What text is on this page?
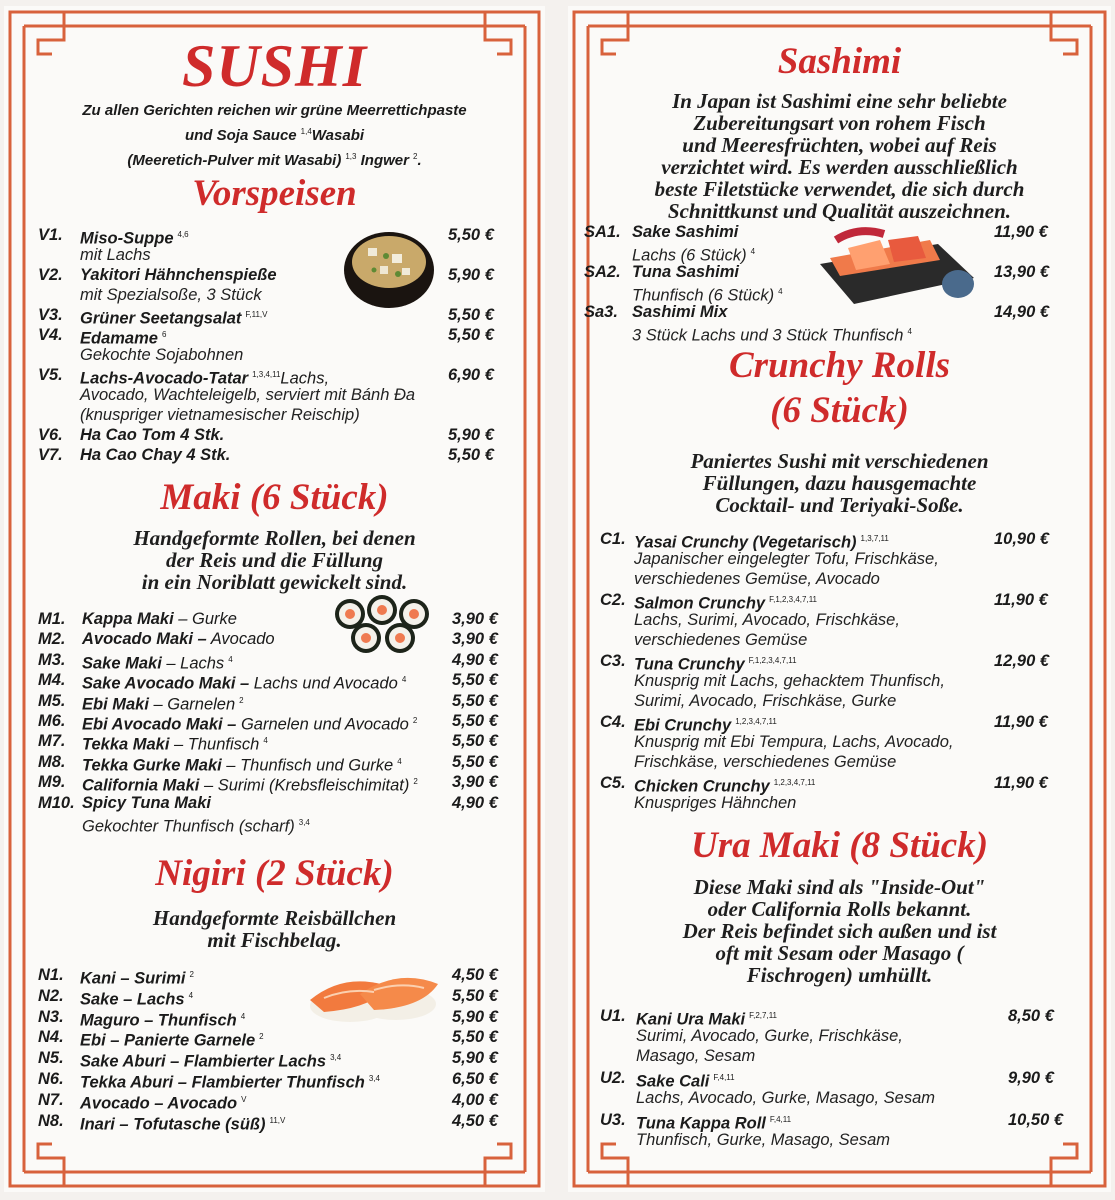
SUSHI
Zu allen Gerichten reichen wir grüne Meerrettichpaste
und Soja Sauce $^{1,4}$Wasabi
(Meeretich-Pulver mit Wasabi) $^{1,3}$ Ingwer $^2$.
Vorspeisen
V1. Miso-Suppe $^{4,6}$	5,50 €
mit Lachs
V2. Yakitori Hähnchenspieße	5,90 €
mit Spezialsoße, 3 Stück
V3. Grüner Seetangsalat $^{F,11,V}$	5,50 €
V4. Edamame $^6$	5,50 €
Gekochte Sojabohnen
V5. Lachs-Avocado-Tatar $^{1,3,4,11}$Lachs,	6,90 €
Avocado, Wachteleigelb, serviert mit Bánh Đa
(knuspriger vietnamesischer Reischip)
V6. Ha Cao Tom 4 Stk.	5,90 €
V7. Ha Cao Chay 4 Stk.	5,50 €
Maki (6 Stück)
Handgeformte Rollen, bei denen
der Reis und die Füllung
in ein Noriblatt gewickelt sind.
M1. Kappa Maki – Gurke	3,90 €
M2. Avocado Maki – Avocado	3,90 €
M3. Sake Maki – Lachs $^4$	4,90 €
M4. Sake Avocado Maki – Lachs und Avocado $^4$	5,50 €
M5. Ebi Maki – Garnelen $^2$	5,50 €
M6. Ebi Avocado Maki – Garnelen und Avocado $^2$ 5,50 €
M7. Tekka Maki – Thunfisch $^4$	5,50 €
M8. Tekka Gurke Maki – Thunfisch und Gurke $^4$	5,50 €
M9. California Maki – Surimi (Krebsfleischimitat) $^2$ 3,90 €
M10. Spicy Tuna Maki	4,90 €
Gekochter Thunfisch (scharf) $^{3,4}$
Nigiri (2 Stück)
Handgeformte Reisbällchen
mit Fischbelag.
N1. Kani – Surimi $^2$	4,50 €
N2. Sake – Lachs $^4$	5,50 €
N3. Maguro – Thunfisch $^4$	5,90 €
N4. Ebi – Panierte Garnele $^2$	5,50 €
N5. Sake Aburi – Flambierter Lachs $^{3,4}$	5,90 €
N6. Tekka Aburi – Flambierter Thunfisch $^{3,4}$	6,50 €
N7. Avocado – Avocado $^V$	4,00 €
N8. Inari – Tofutasche (süß) $^{11,V}$	4,50 €
Sashimi
In Japan ist Sashimi eine sehr beliebte
Zubereitungsart von rohem Fisch
und Meeresfrüchten, wobei auf Reis
verzichtet wird. Es werden ausschließlich
beste Filetstücke verwendet, die sich durch
Schnittkunst und Qualität auszeichnen.
SA1. Sake Sashimi	11,90 €
Lachs (6 Stück) $^4$
SA2. Tuna Sashimi	13,90 €
Thunfisch (6 Stück) $^4$
Sa3. Sashimi Mix	14,90 €
3 Stück Lachs und 3 Stück Thunfisch $^4$
Crunchy Rolls
(6 Stück)
Paniertes Sushi mit verschiedenen
Füllungen, dazu hausgemachte
Cocktail- und Teriyaki-Soße.
C1. Yasai Crunchy (Vegetarisch) $^{1,3,7,11}$	10,90 €
Japanischer eingelegter Tofu, Frischkäse,
verschiedenes Gemüse, Avocado
C2. Salmon Crunchy $^{F,1,2,3,4,7,11}$	11,90 €
Lachs, Surimi, Avocado, Frischkäse,
verschiedenes Gemüse
C3. Tuna Crunchy $^{F,1,2,3,4,7,11}$	12,90 €
Knusprig mit Lachs, gehacktem Thunfisch,
Surimi, Avocado, Frischkäse, Gurke
C4. Ebi Crunchy $^{1,2,3,4,7,11}$	11,90 €
Knusprig mit Ebi Tempura, Lachs, Avocado,
Frischkäse, verschiedenes Gemüse
C5. Chicken Crunchy $^{1,2,3,4,7,11}$	11,90 €
Knuspriges Hähnchen
Ura Maki (8 Stück)
Diese Maki sind als "Inside-Out"
oder California Rolls bekannt.
Der Reis befindet sich außen und ist
oft mit Sesam oder Masago (
Fischrogen) umhüllt.
U1. Kani Ura Maki $^{F,2,7,11}$	8,50 €
Surimi, Avocado, Gurke, Frischkäse,
Masago, Sesam
U2. Sake Cali $^{F,4,11}$	9,90 €
Lachs, Avocado, Gurke, Masago, Sesam
U3. Tuna Kappa Roll $^{F,4,11}$	10,50 €
Thunfisch, Gurke, Masago, Sesam
